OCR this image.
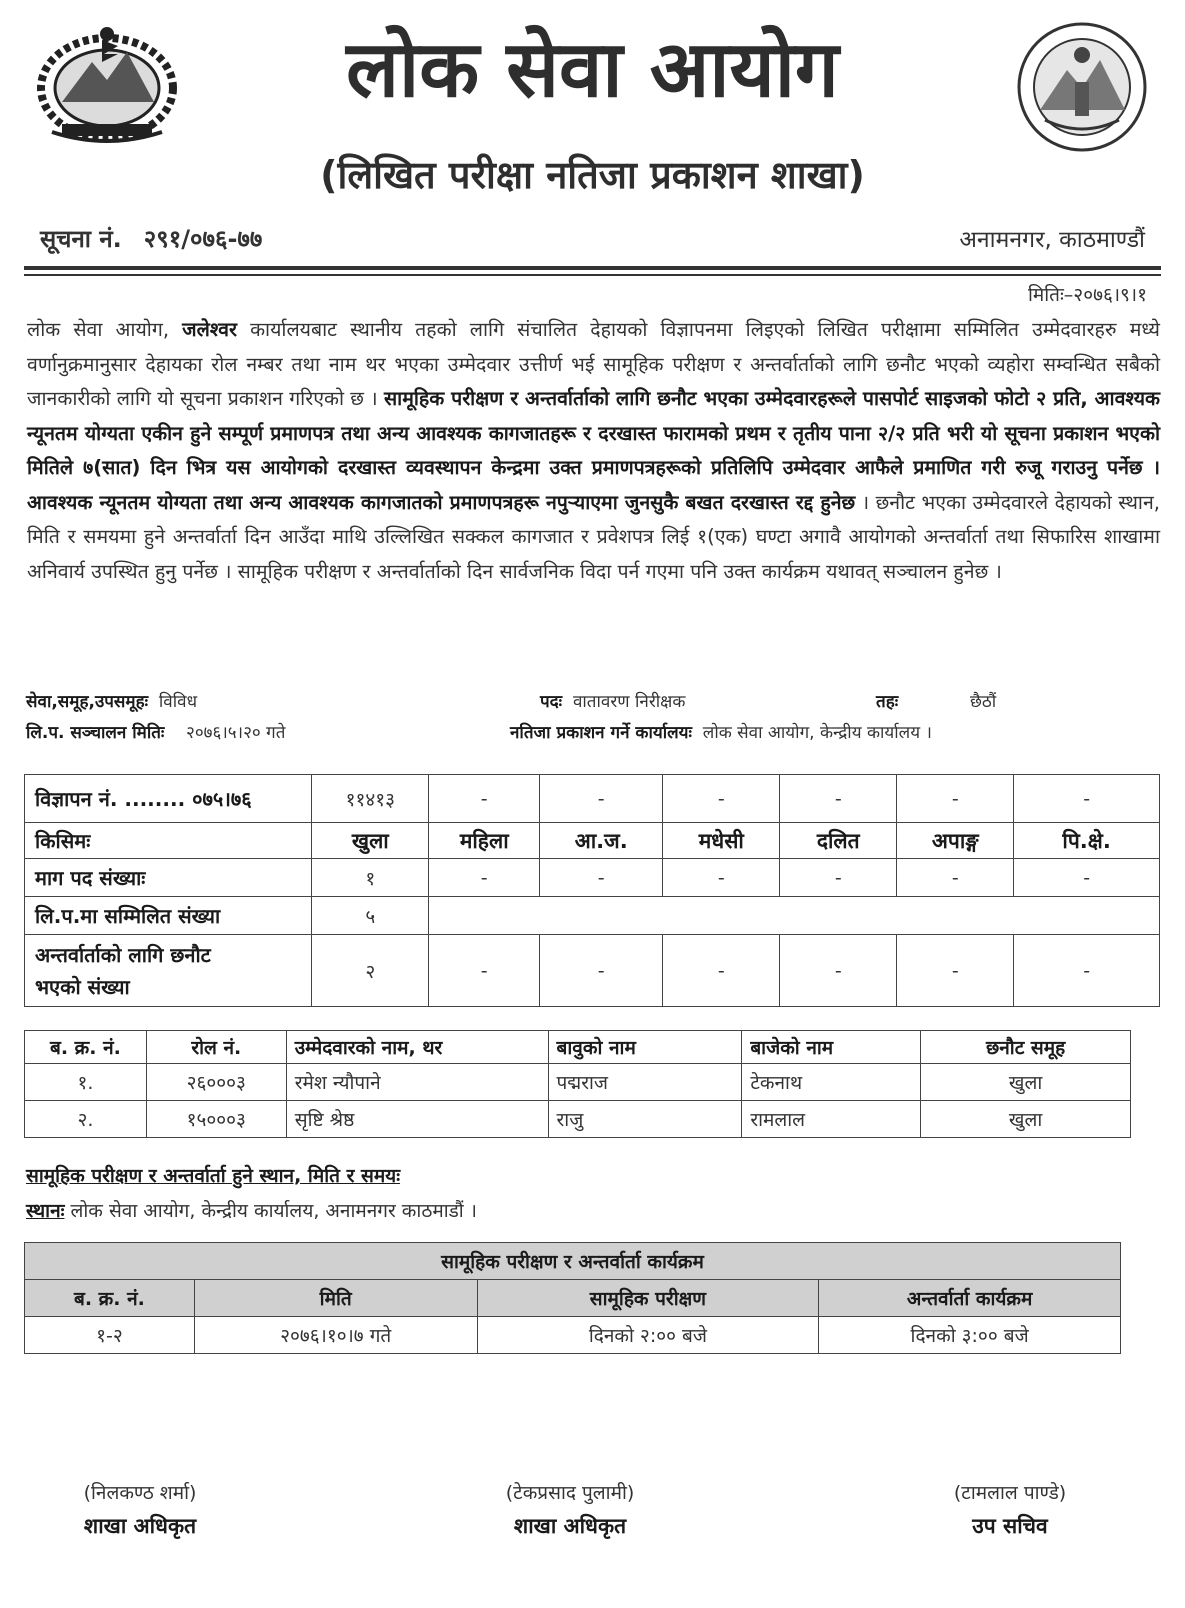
लोक सेवा आयोग
(लिखित परीक्षा नतिजा प्रकाशन शाखा)
सूचना नं. २९१/०७६-७७	अनामनगर, काठमाण्डौं
मितिः–२०७६।९।१
लोक सेवा आयोग, जलेश्वर कार्यालयबाट स्थानीय तहको लागि संचालित देहायको विज्ञापनमा लिइएको लिखित परीक्षामा सम्मिलित उम्मेदवारहरु मध्ये वर्णानुक्रमानुसार देहायका रोल नम्बर तथा नाम थर भएका उम्मेदवार उत्तीर्ण भई सामूहिक परीक्षण र अन्तर्वार्ताको लागि छनौट भएको व्यहोरा सम्वन्धित सबैको जानकारीको लागि यो सूचना प्रकाशन गरिएको छ । सामूहिक परीक्षण र अन्तर्वार्ताको लागि छनौट भएका उम्मेदवारहरूले पासपोर्ट साइजको फोटो २ प्रति, आवश्यक न्यूनतम योग्यता एकीन हुने सम्पूर्ण प्रमाणपत्र तथा अन्य आवश्यक कागजातहरू र दरखास्त फारामको प्रथम र तृतीय पाना २/२ प्रति भरी यो सूचना प्रकाशन भएको मितिले ७(सात) दिन भित्र यस आयोगको दरखास्त व्यवस्थापन केन्द्रमा उक्त प्रमाणपत्रहरूको प्रतिलिपि उम्मेदवार आफैले प्रमाणित गरी रुजू गराउनु पर्नेछ । आवश्यक न्यूनतम योग्यता तथा अन्य आवश्यक कागजातको प्रमाणपत्रहरू नपुऱ्याएमा जुनसुकै बखत दरखास्त रद्द हुनेछ । छनौट भएका उम्मेदवारले देहायको स्थान, मिति र समयमा हुने अन्तर्वार्ता दिन आउँदा माथि उल्लिखित सक्कल कागजात र प्रवेशपत्र लिई १(एक) घण्टा अगावै आयोगको अन्तर्वार्ता तथा सिफारिस शाखामा अनिवार्य उपस्थित हुनु पर्नेछ । सामूहिक परीक्षण र अन्तर्वार्ताको दिन सार्वजनिक विदा पर्न गएमा पनि उक्त कार्यक्रम यथावत् सञ्चालन हुनेछ ।
सेवा,समूह,उपसमूहः विविध	पदः वातावरण निरीक्षक	तहः	छैठौं
लि.प. सञ्चालन मितिः २०७६।५।२० गते	नतिजा प्रकाशन गर्ने कार्यालयः लोक सेवा आयोग, केन्द्रीय कार्यालय ।
विज्ञापन नं. ........ ०७५।७६	११४१३	-	-	-	-	-	-
किसिमः	खुला	महिला	आ.ज.	मधेसी	दलित	अपाङ्ग	पि.क्षे.
माग पद संख्याः	१	-	-	-	-	-	-
लि.प.मा सम्मिलित संख्या	५						
अन्तर्वार्ताको लागि छनौट
भएको संख्या	२	-	-	-	-	-	-
ब. क्र. नं.	रोल नं.	उम्मेदवारको नाम, थर	बावुको नाम	बाजेको नाम	छनौट समूह
१.	२६०००३	रमेश न्यौपाने	पद्मराज	टेकनाथ	खुला
२.	१५०००३	सृष्टि श्रेष्ठ	राजु	रामलाल	खुला
सामूहिक परीक्षण र अन्तर्वार्ता हुने स्थान, मिति र समयः
स्थानः लोक सेवा आयोग, केन्द्रीय कार्यालय, अनामनगर काठमाडौं ।
सामूहिक परीक्षण र अन्तर्वार्ता कार्यक्रम			
ब. क्र. नं.	मिति	सामूहिक परीक्षण	अन्तर्वार्ता कार्यक्रम
१-२	२०७६।१०।७ गते	दिनको २:०० बजे	दिनको ३:०० बजे
(निलकण्ठ शर्मा)
शाखा अधिकृत
(टेकप्रसाद पुलामी)
शाखा अधिकृत
(टामलाल पाण्डे)
उप सचिव
